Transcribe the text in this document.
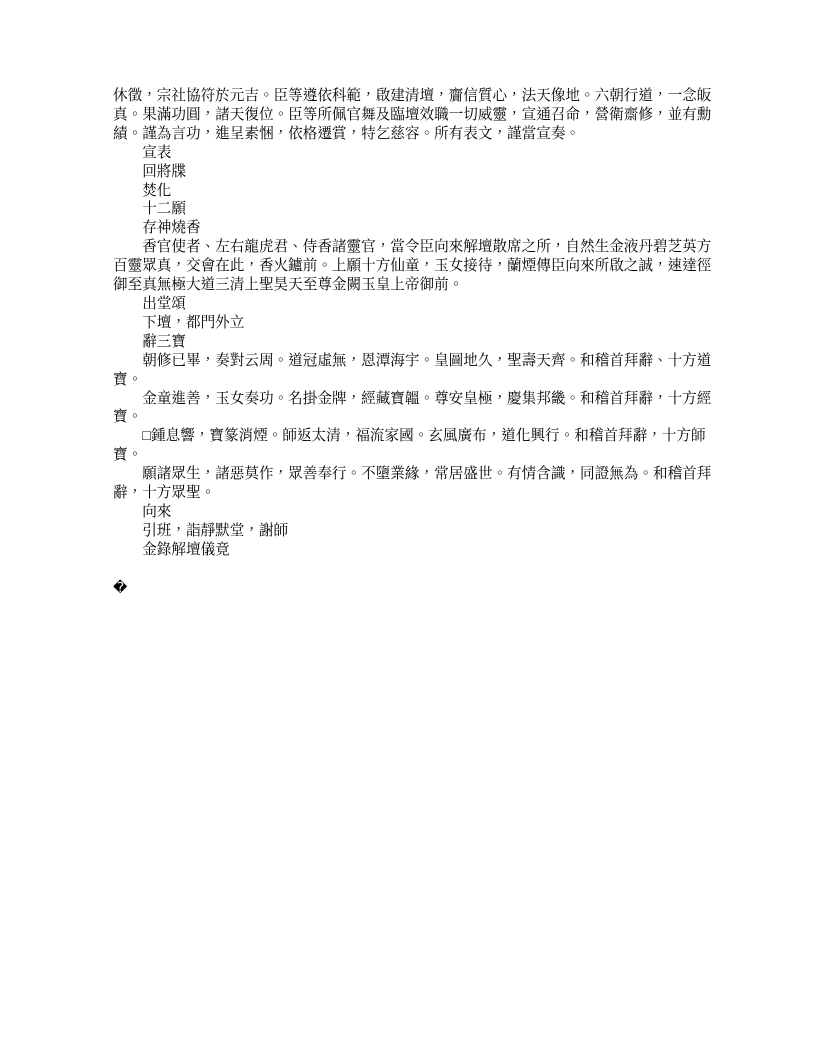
休徵，宗社協符於元吉。臣等遵依科範，啟建清壇，齎信質心，法天像地。六朝行道，一念皈真。果滿功圓，諸天復位。臣等所佩官舞及臨壇效職一切威靈，宣通召命，營衛齋修，並有勳績。謹為言功，進呈素悃，依格遷賞，特乞慈容。所有表文，謹當宣奏。

宣表

回將牒

焚化

十二願

存神燒香

香官使者、左右龍虎君、侍香諸靈官，當令臣向來解壇散席之所，自然生金液丹碧芝英方百靈眾真，交會在此，香火鑪前。上願十方仙童，玉女接待，蘭煙傳臣向來所啟之誠，速達徑御至真無極大道三清上聖昊天至尊金闕玉皇上帝御前。

出堂頌

下壇，都門外立

辭三寶

朝修已畢，奏對云周。道冠虛無，恩潭海宇。皇圖地久，聖壽天齊。和稽首拜辭、十方道寶。

金童進善，玉女奏功。名掛金牌，經藏寶韞。尊安皇極，慶集邦畿。和稽首拜辭，十方經寶。

□鍾息響，寶篆消煙。師返太清，福流家國。玄風廣布，道化興行。和稽首拜辭，十方師寶。

願諸眾生，諸惡莫作，眾善奉行。不墮業緣，常居盛世。有情含識，同證無為。和稽首拜辭，十方眾聖。

向來

引班，詣靜默堂，謝師

金錄解壇儀竟

�
